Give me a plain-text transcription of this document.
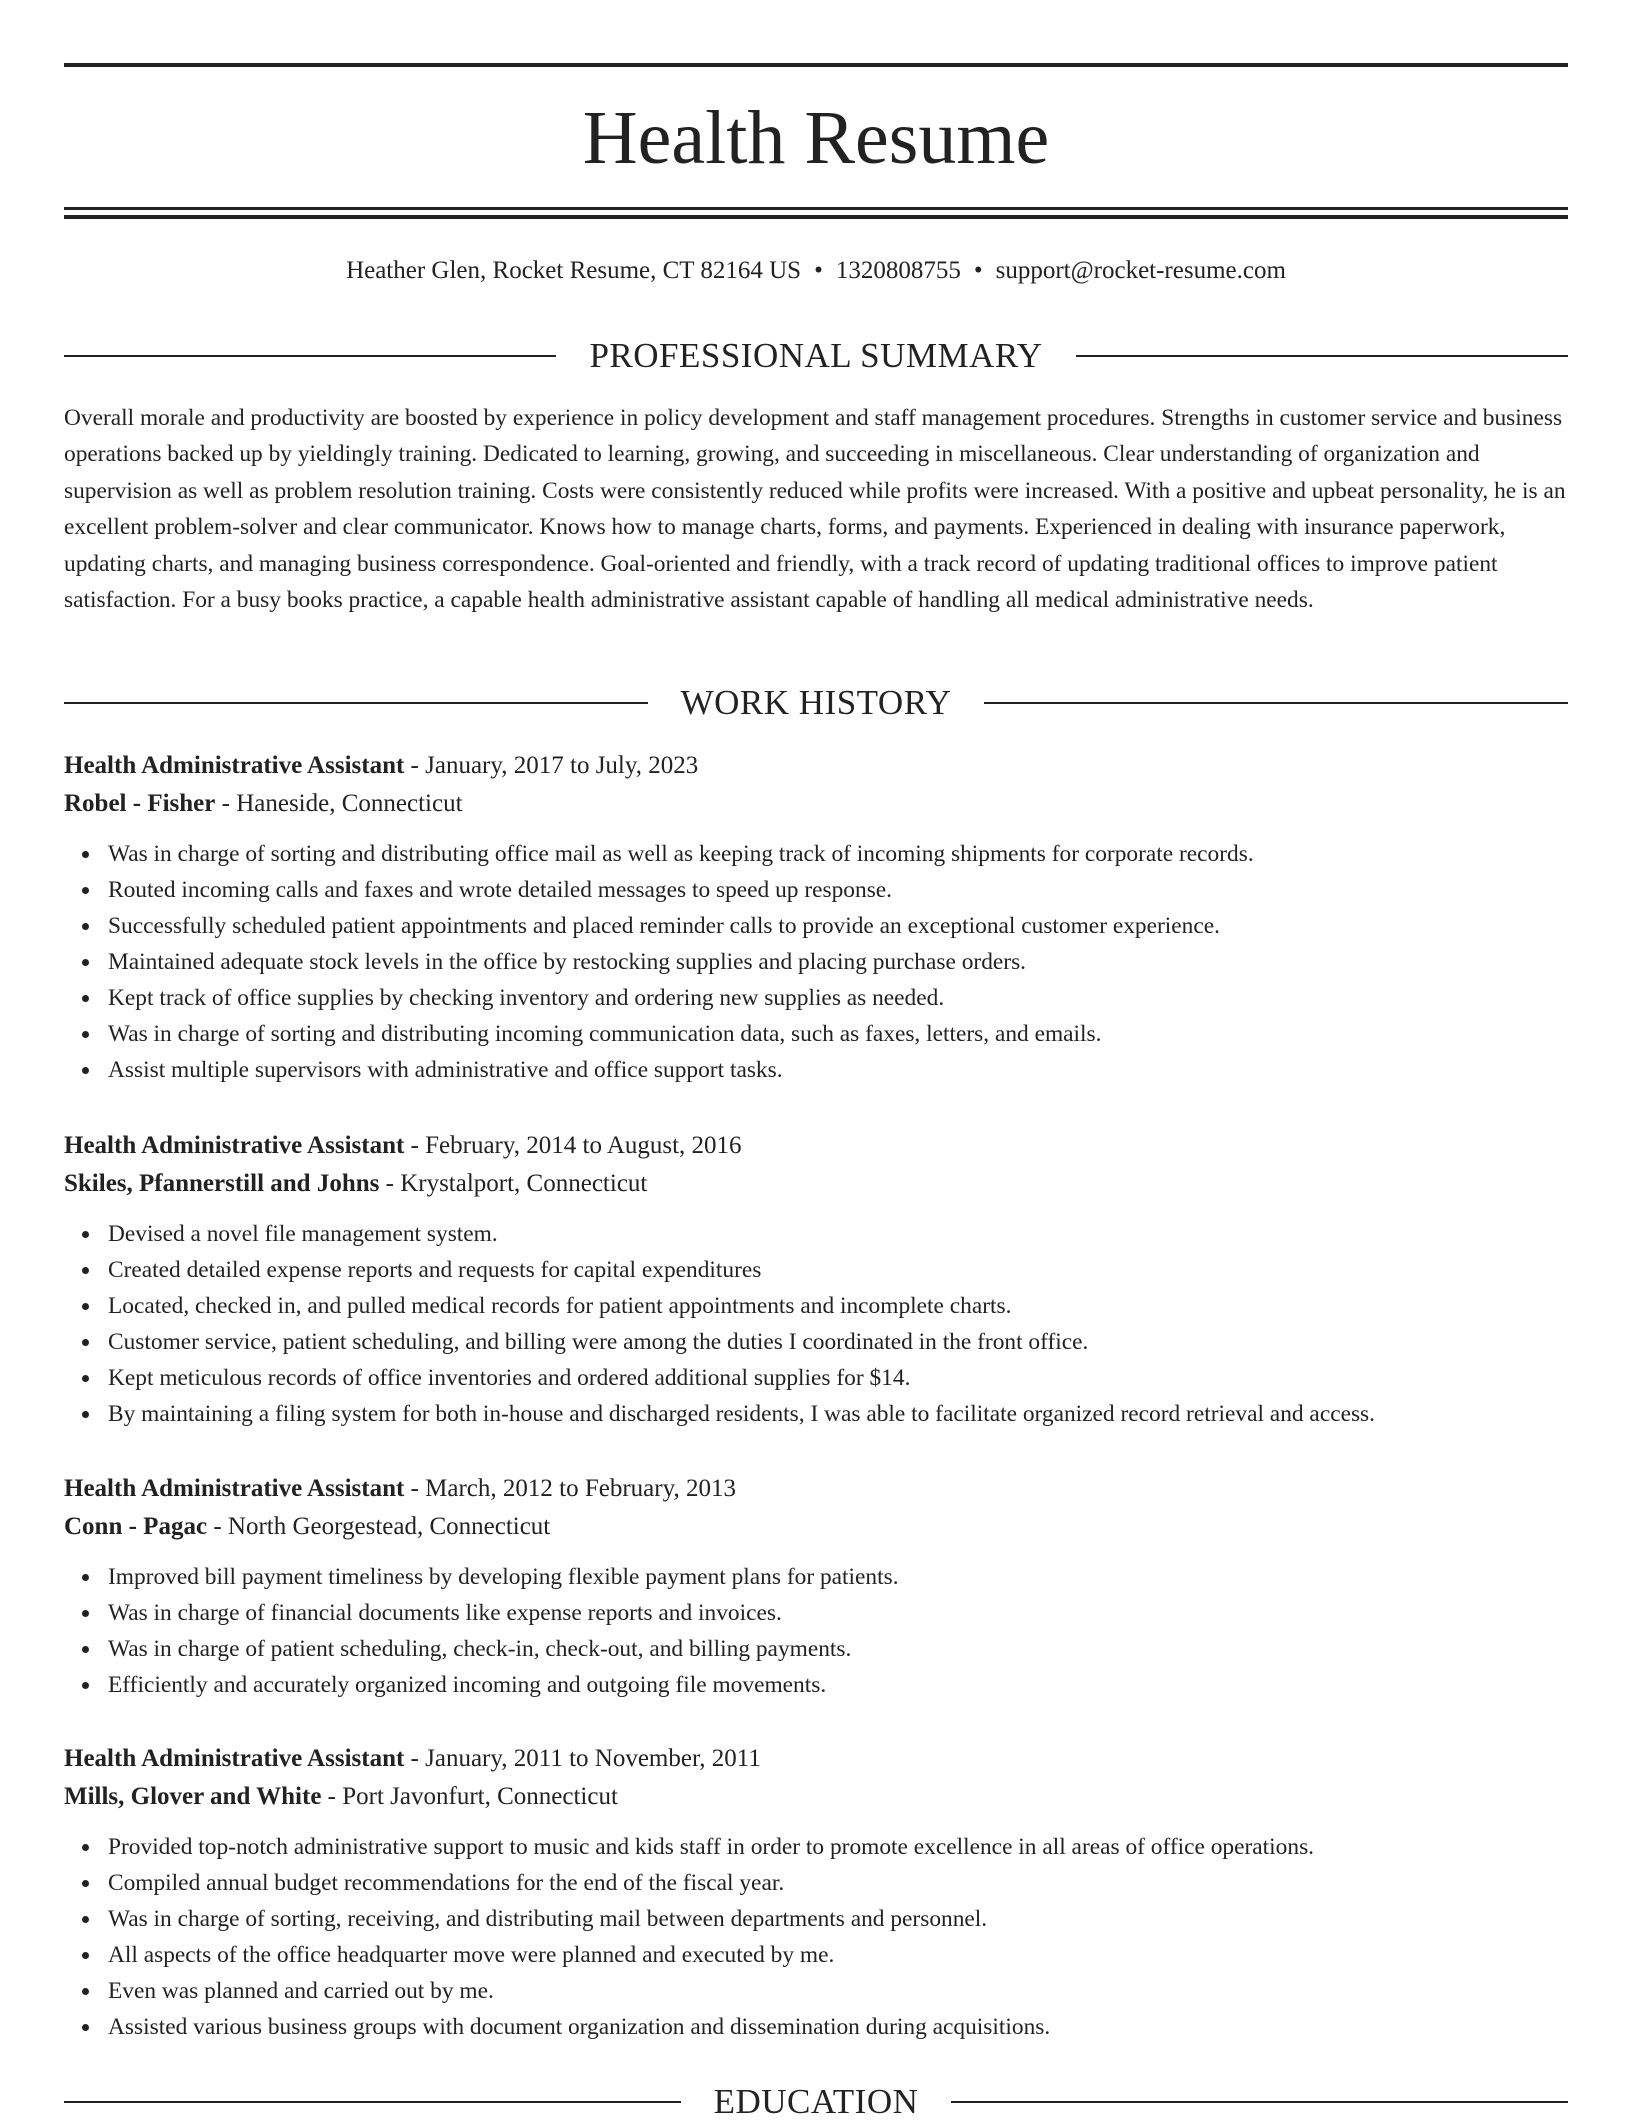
Health Resume
Heather Glen, Rocket Resume, CT 82164 US • 1320808755 • support@rocket-resume.com
PROFESSIONAL SUMMARY

Overall morale and productivity are boosted by experience in policy development and staff management procedures. Strengths in customer service and business operations backed up by yieldingly training. Dedicated to learning, growing, and succeeding in miscellaneous. Clear understanding of organization and supervision as well as problem resolution training. Costs were consistently reduced while profits were increased. With a positive and upbeat personality, he is an excellent problem-solver and clear communicator. Knows how to manage charts, forms, and payments. Experienced in dealing with insurance paperwork, updating charts, and managing business correspondence. Goal-oriented and friendly, with a track record of updating traditional offices to improve patient satisfaction. For a busy books practice, a capable health administrative assistant capable of handling all medical administrative needs.

WORK HISTORY
Health Administrative Assistant - January, 2017 to July, 2023
Robel - Fisher - Haneside, Connecticut
Was in charge of sorting and distributing office mail as well as keeping track of incoming shipments for corporate records.
Routed incoming calls and faxes and wrote detailed messages to speed up response.
Successfully scheduled patient appointments and placed reminder calls to provide an exceptional customer experience.
Maintained adequate stock levels in the office by restocking supplies and placing purchase orders.
Kept track of office supplies by checking inventory and ordering new supplies as needed.
Was in charge of sorting and distributing incoming communication data, such as faxes, letters, and emails.
Assist multiple supervisors with administrative and office support tasks.
Health Administrative Assistant - February, 2014 to August, 2016
Skiles, Pfannerstill and Johns - Krystalport, Connecticut
Devised a novel file management system.
Created detailed expense reports and requests for capital expenditures
Located, checked in, and pulled medical records for patient appointments and incomplete charts.
Customer service, patient scheduling, and billing were among the duties I coordinated in the front office.
Kept meticulous records of office inventories and ordered additional supplies for $14.
By maintaining a filing system for both in-house and discharged residents, I was able to facilitate organized record retrieval and access.
Health Administrative Assistant - March, 2012 to February, 2013
Conn - Pagac - North Georgestead, Connecticut
Improved bill payment timeliness by developing flexible payment plans for patients.
Was in charge of financial documents like expense reports and invoices.
Was in charge of patient scheduling, check-in, check-out, and billing payments.
Efficiently and accurately organized incoming and outgoing file movements.
Health Administrative Assistant - January, 2011 to November, 2011
Mills, Glover and White - Port Javonfurt, Connecticut
Provided top-notch administrative support to music and kids staff in order to promote excellence in all areas of office operations.
Compiled annual budget recommendations for the end of the fiscal year.
Was in charge of sorting, receiving, and distributing mail between departments and personnel.
All aspects of the office headquarter move were planned and executed by me.
Even was planned and carried out by me.
Assisted various business groups with document organization and dissemination during acquisitions.
EDUCATION
